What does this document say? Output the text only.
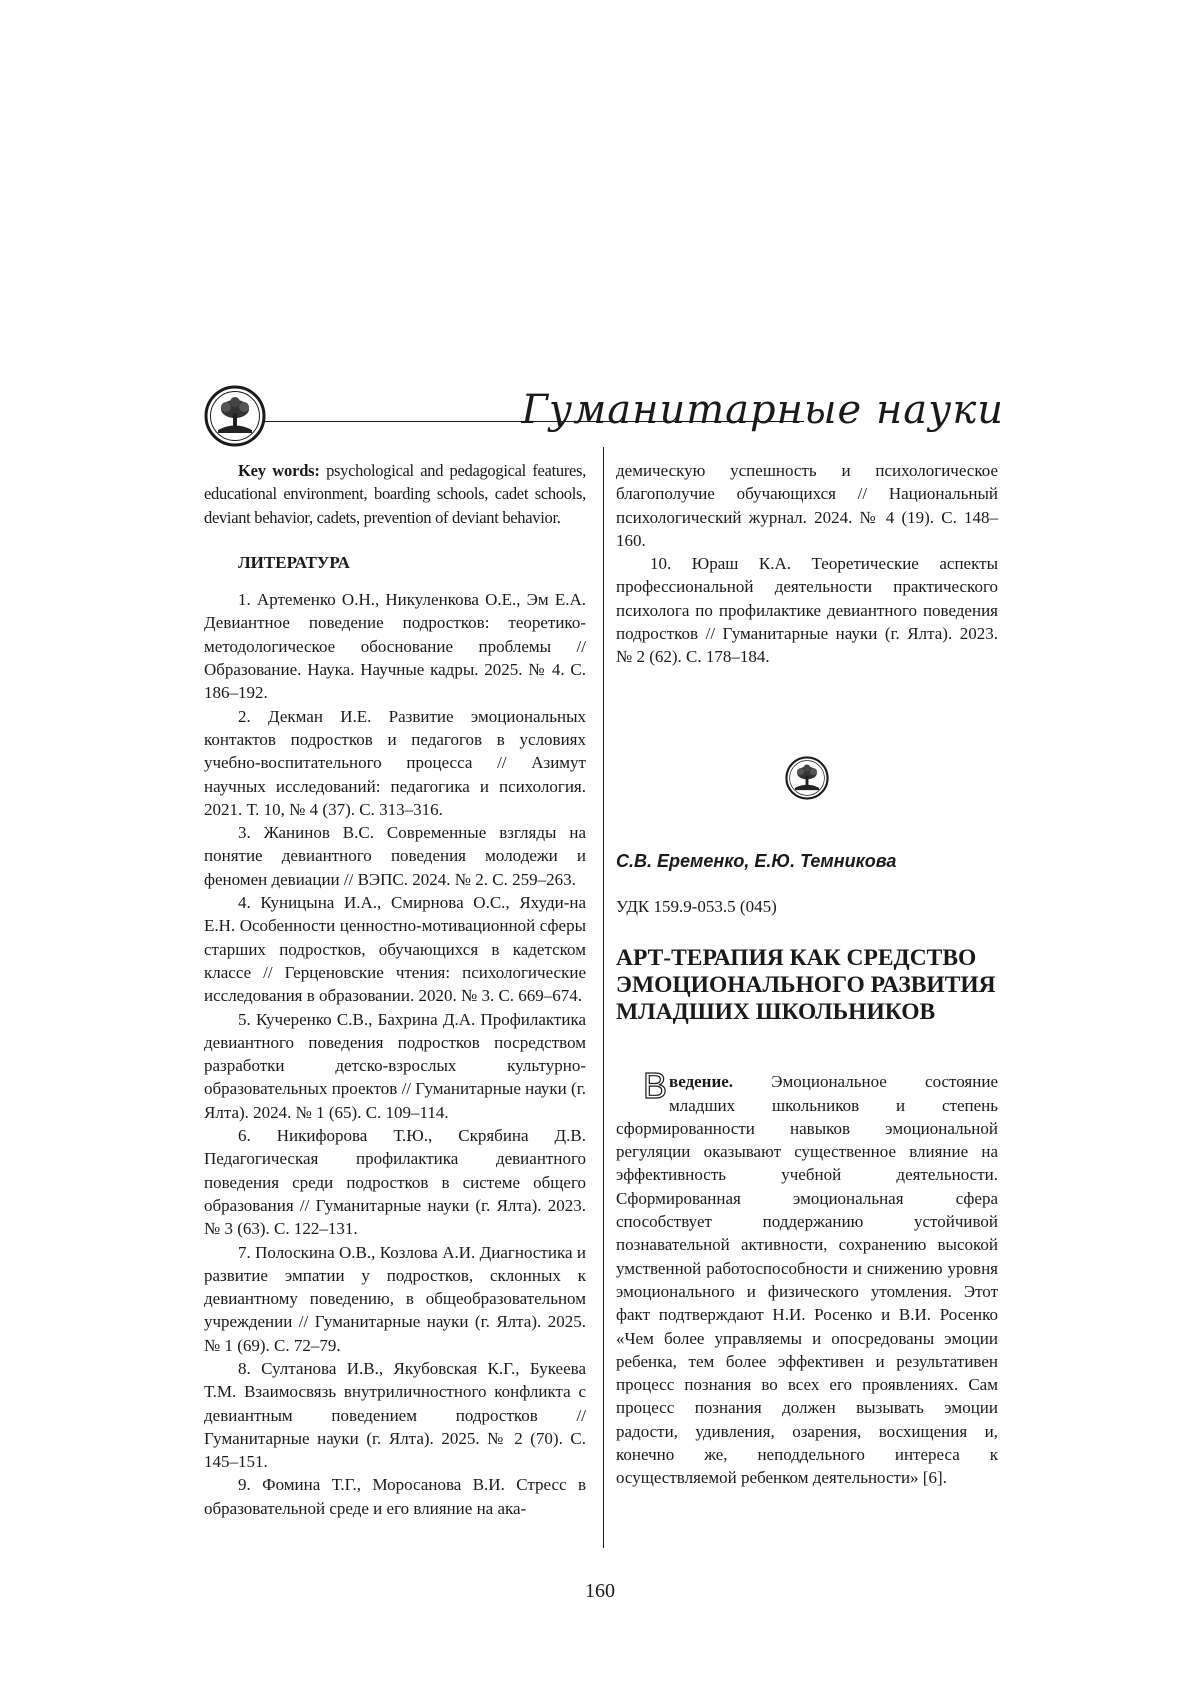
Гуманитарные науки

Key words: psychological and pedagogical features, educational environment, boarding schools, cadet schools, deviant behavior, cadets, prevention of deviant behavior.

ЛИТЕРАТУРА

1. Артеменко О.Н., Никуленкова О.Е., Эм Е.А. Девиантное поведение подростков: теоретико-методологическое обоснование проблемы // Образование. Наука. Научные кадры. 2025. № 4. С. 186–192.

2. Декман И.Е. Развитие эмоциональных контактов подростков и педагогов в условиях учебно-воспитательного процесса // Азимут научных исследований: педагогика и психология. 2021. Т. 10, № 4 (37). С. 313–316.

3. Жанинов В.С. Современные взгляды на понятие девиантного поведения молодежи и феномен девиации // ВЭПС. 2024. № 2. С. 259–263.

4. Куницына И.А., Смирнова О.С., Яхуди-на Е.Н. Особенности ценностно-мотивационной сферы старших подростков, обучающихся в кадетском классе // Герценовские чтения: психологические исследования в образовании. 2020. № 3. С. 669–674.

5. Кучеренко С.В., Бахрина Д.А. Профилактика девиантного поведения подростков посредством разработки детско-взрослых культурно-образовательных проектов // Гуманитарные науки (г. Ялта). 2024. № 1 (65). С. 109–114.

6. Никифорова Т.Ю., Скрябина Д.В. Педагогическая профилактика девиантного поведения среди подростков в системе общего образования // Гуманитарные науки (г. Ялта). 2023. № 3 (63). С. 122–131.

7. Полоскина О.В., Козлова А.И. Диагностика и развитие эмпатии у подростков, склонных к девиантному поведению, в общеобразовательном учреждении // Гуманитарные науки (г. Ялта). 2025. № 1 (69). С. 72–79.

8. Султанова И.В., Якубовская К.Г., Букеева Т.М. Взаимосвязь внутриличностного конфликта с девиантным поведением подростков // Гуманитарные науки (г. Ялта). 2025. № 2 (70). С. 145–151.

9. Фомина Т.Г., Моросанова В.И. Стресс в образовательной среде и его влияние на ака-

демическую успешность и психологическое благополучие обучающихся // Национальный психологический журнал. 2024. № 4 (19). С. 148–160.

10. Юраш К.А. Теоретические аспекты профессиональной деятельности практического психолога по профилактике девиантного поведения подростков // Гуманитарные науки (г. Ялта). 2023. № 2 (62). С. 178–184.

С.В. Еременко, Е.Ю. Темникова
УДК 159.9-053.5 (045)
АРТ-ТЕРАПИЯ КАК СРЕДСТВО ЭМОЦИОНАЛЬНОГО РАЗВИТИЯ МЛАДШИХ ШКОЛЬНИКОВ

Введение. Эмоциональное состояние младших школьников и степень сформированности навыков эмоциональной регуляции оказывают существенное влияние на эффективность учебной деятельности. Сформированная эмоциональная сфера способствует поддержанию устойчивой познавательной активности, сохранению высокой умственной работоспособности и снижению уровня эмоционального и физического утомления. Этот факт подтверждают Н.И. Росенко и В.И. Росенко «Чем более управляемы и опосредованы эмоции ребенка, тем более эффективен и результативен процесс познания во всех его проявлениях. Сам процесс познания должен вызывать эмоции радости, удивления, озарения, восхищения и, конечно же, неподдельного интереса к осуществляемой ребенком деятельности» [6].

160
